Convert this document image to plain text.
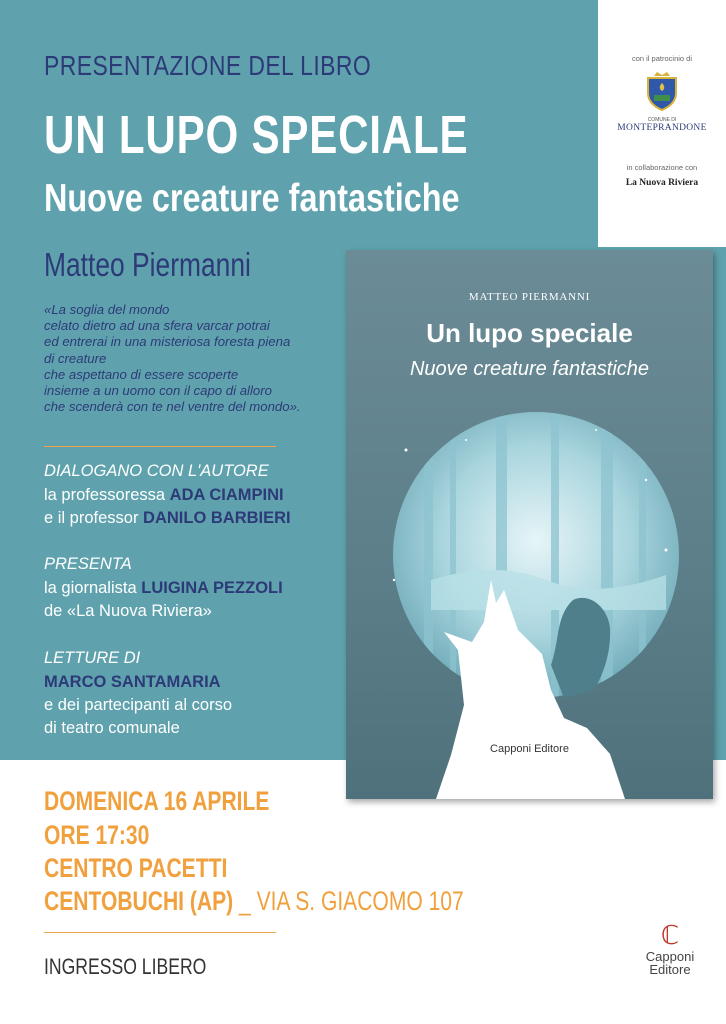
PRESENTAZIONE DEL LIBRO

UN LUPO SPECIALE

Nuove creature fantastiche

Matteo Piermanni

«La soglia del mondo
celato dietro ad una sfera varcar potrai
ed entrerai in una misteriosa foresta piena
di creature
che aspettano di essere scoperte
insieme a un uomo con il capo di alloro
che scenderà con te nel ventre del mondo».

DIALOGANO CON L'AUTORE

la professoressa ADA CIAMPINI

e il professor DANILO BARBIERI

PRESENTA

la giornalista LUIGINA PEZZOLI

de «La Nuova Riviera»

LETTURE DI

MARCO SANTAMARIA

e dei partecipanti al corso

di teatro comunale

DOMENICA 16 APRILE

ORE 17:30

CENTRO PACETTI

CENTOBUCHI (AP) _ VIA S. GIACOMO 107

INGRESSO LIBERO

con il patrocinio di
COMUNE DI
MONTEPRANDONE
in collaborazione con
La Nuova Riviera
MATTEO PIERMANNI
Un lupo speciale
Nuove creature fantastiche
Capponi Editore
ℂ
Capponi
Editore
